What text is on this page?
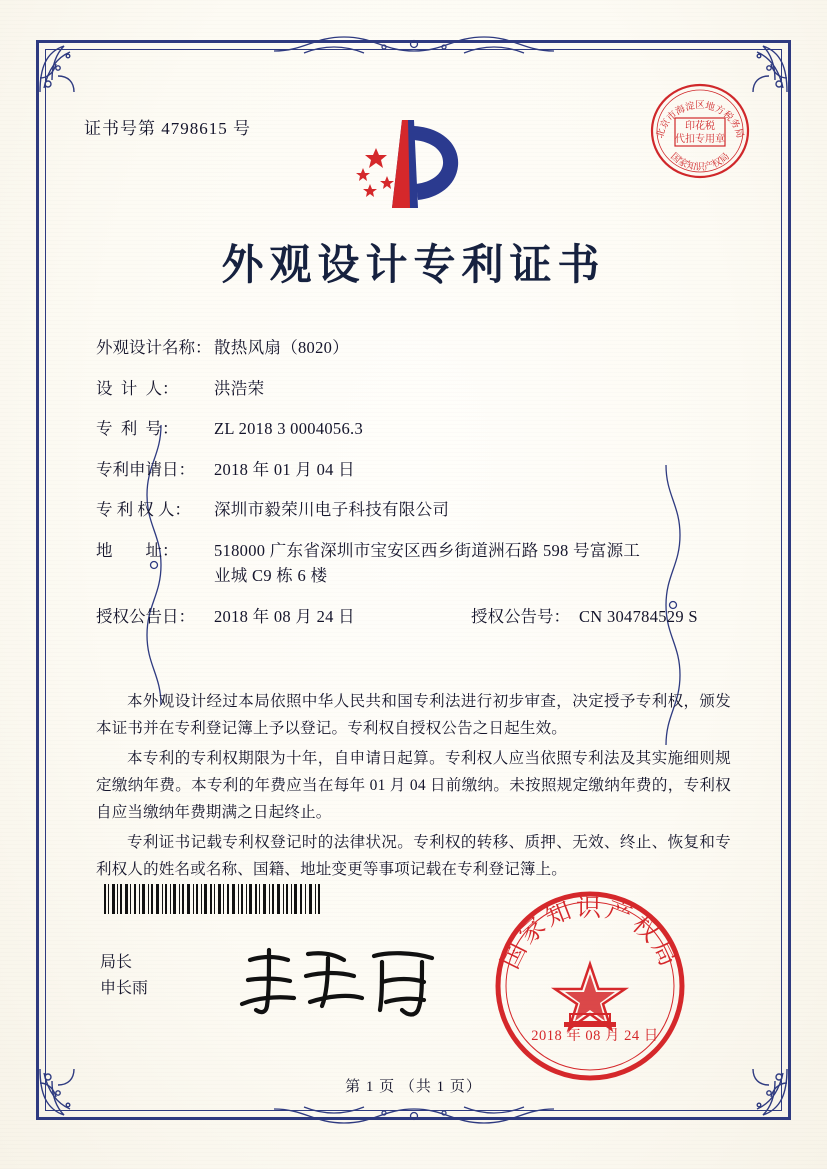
证书号第 4798615 号	北京市海淀区地方税务局
国家知识产权局
印花税
代扣专用章
外观设计专利证书
外观设计名称： 散热风扇（8020）
设  计  人：	洪浩荣
专  利  号：	ZL 2018 3 0004056.3
专利申请日：	2018 年 01 月 04 日
专 利 权 人：	深圳市毅荣川电子科技有限公司
地        址：	518000 广东省深圳市宝安区西乡街道洲石路 598 号富源工
业城 C9 栋 6 楼
授权公告日：	2018 年 08 月 24 日	授权公告号： CN 304784529 S

本外观设计经过本局依照中华人民共和国专利法进行初步审查，决定授予专利权，颁发本证书并在专利登记簿上予以登记。专利权自授权公告之日起生效。

本专利的专利权期限为十年，自申请日起算。专利权人应当依照专利法及其实施细则规定缴纳年费。本专利的年费应当在每年 01 月 04 日前缴纳。未按照规定缴纳年费的，专利权自应当缴纳年费期满之日起终止。

专利证书记载专利权登记时的法律状况。专利权的转移、质押、无效、终止、恢复和专利权人的姓名或名称、国籍、地址变更等事项记载在专利登记簿上。

局长
申长雨
国家知识产权局
2018 年 08 月 24 日
第 1 页 （共 1 页）
